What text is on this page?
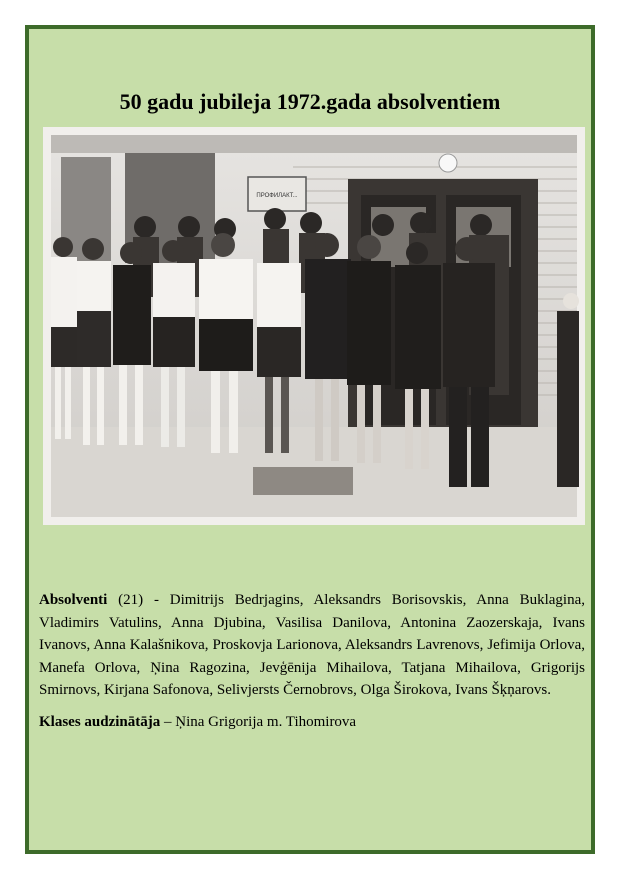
50 gadu jubileja 1972.gada absolventiem
ПРОФИЛАКТ...

Absolventi (21) - Dimitrijs Bedrjagins, Aleksandrs Borisovskis, Anna Buklagina, Vladimirs Vatulins, Anna Djubina, Vasilisa Danilova, Antonina Zaozerskaja, Ivans Ivanovs, Anna Kalašnikova, Proskovja Larionova, Aleksandrs Lavrenovs, Jefimija Orlova, Manefa Orlova, Ņina Ragozina, Jevģēnija Mihailova, Tatjana Mihailova, Grigorijs Smirnovs, Kirjana Safonova, Selivjersts Černobrovs, Olga Širokova, Ivans Šķņarovs.

Klases audzinātāja – Ņina Grigorija m. Tihomirova
